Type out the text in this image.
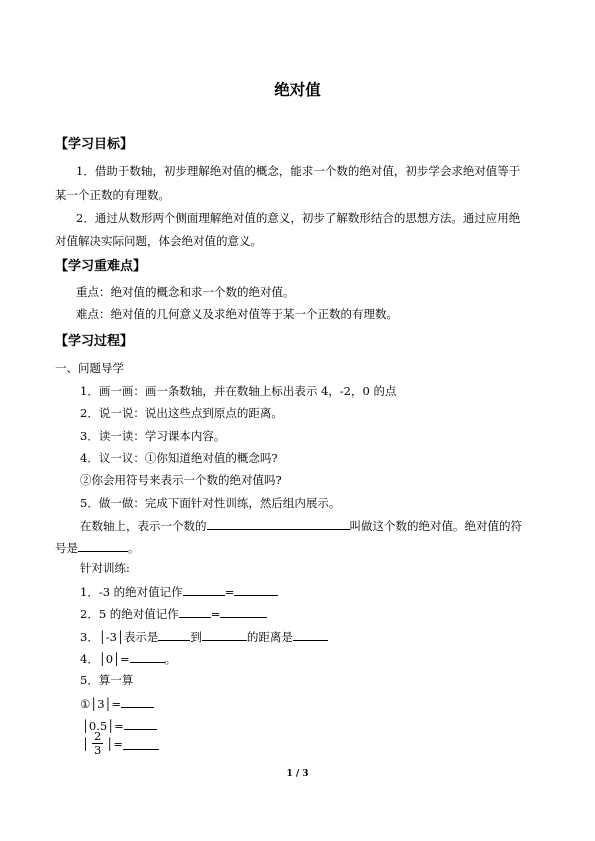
绝对值
【学习目标】
1．借助于数轴，初步理解绝对值的概念，能求一个数的绝对值，初步学会求绝对值等于
某一个正数的有理数。
2．通过从数形两个侧面理解绝对值的意义，初步了解数形结合的思想方法。通过应用绝
对值解决实际问题，体会绝对值的意义。
【学习重难点】
重点：绝对值的概念和求一个数的绝对值。
难点：绝对值的几何意义及求绝对值等于某一个正数的有理数。
【学习过程】
一、问题导学
1．画一画：画一条数轴，并在数轴上标出表示 4，-2，0 的点
2．说一说：说出这些点到原点的距离。
3．读一读：学习课本内容。
4．议一议：①你知道绝对值的概念吗?
②你会用符号来表示一个数的绝对值吗?
5．做一做：完成下面针对性训练，然后组内展示。
在数轴上，表示一个数的	叫做这个数的绝对值。绝对值的符
号是	。
针对训练:
1．-3 的绝对值记作	=
2．5 的绝对值记作	=
3．│-3│表示是	到	的距离是
4．│0│=	。
5．算一算
①│3│=
│0.5│=
│ $\frac{2}{3}$ │=
1 / 3
